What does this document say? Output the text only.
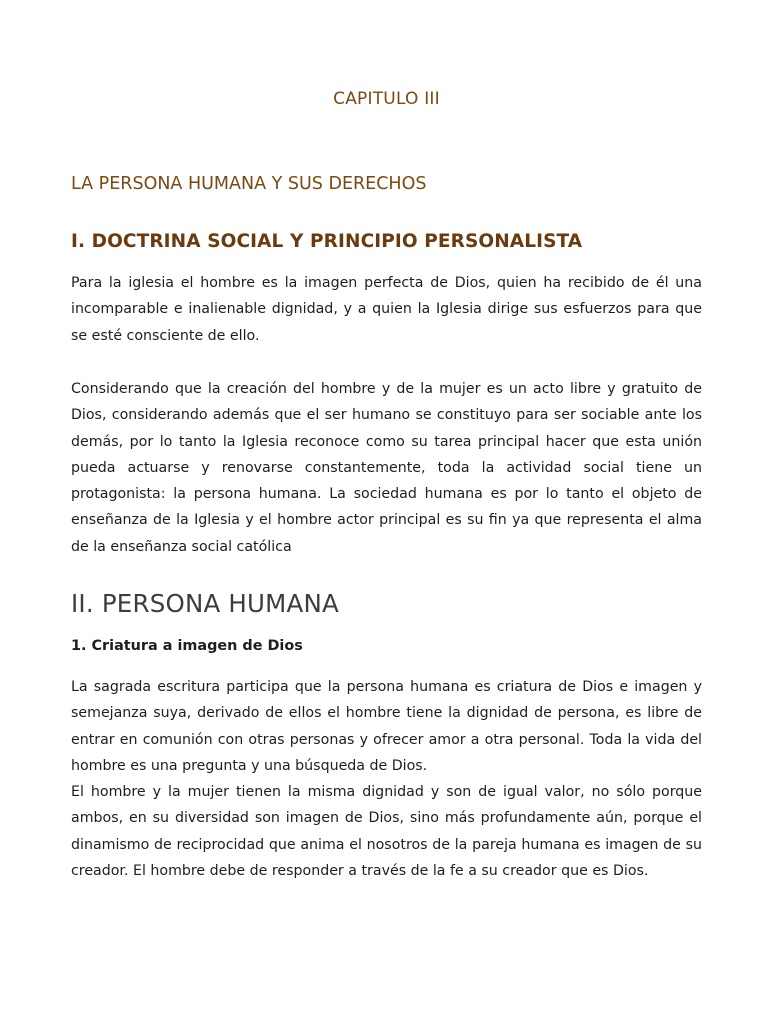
CAPITULO III
LA PERSONA HUMANA Y SUS DERECHOS
I. DOCTRINA SOCIAL Y PRINCIPIO PERSONALISTA
Para la iglesia el hombre es la imagen perfecta de Dios, quien ha recibido de él una incomparable e inalienable dignidad, y a quien la Iglesia dirige sus esfuerzos para que se esté consciente de ello.
Considerando que la creación del hombre y de la mujer es un acto libre y gratuito de Dios, considerando además que el ser humano se constituyo para ser sociable ante los demás, por lo tanto la Iglesia reconoce como su tarea principal hacer que esta unión pueda actuarse y renovarse constantemente, toda la actividad social tiene un protagonista: la persona humana. La sociedad humana es por lo tanto el objeto de enseñanza de la Iglesia y el hombre actor principal es su fin ya que representa el alma de la enseñanza social católica
II. PERSONA HUMANA
1. Criatura a imagen de Dios
La sagrada escritura participa que la persona humana es criatura de Dios e imagen y semejanza suya, derivado de ellos el hombre tiene la dignidad de persona, es libre de entrar en comunión con otras personas y ofrecer amor a otra personal. Toda la vida del hombre es una pregunta y una búsqueda de Dios.
El hombre y la mujer tienen la misma dignidad y son de igual valor, no sólo porque ambos, en su diversidad son imagen de Dios, sino más profundamente aún, porque el dinamismo de reciprocidad que anima el nosotros de la pareja humana es imagen de su creador. El hombre debe de responder a través de la fe a su creador que es Dios.
